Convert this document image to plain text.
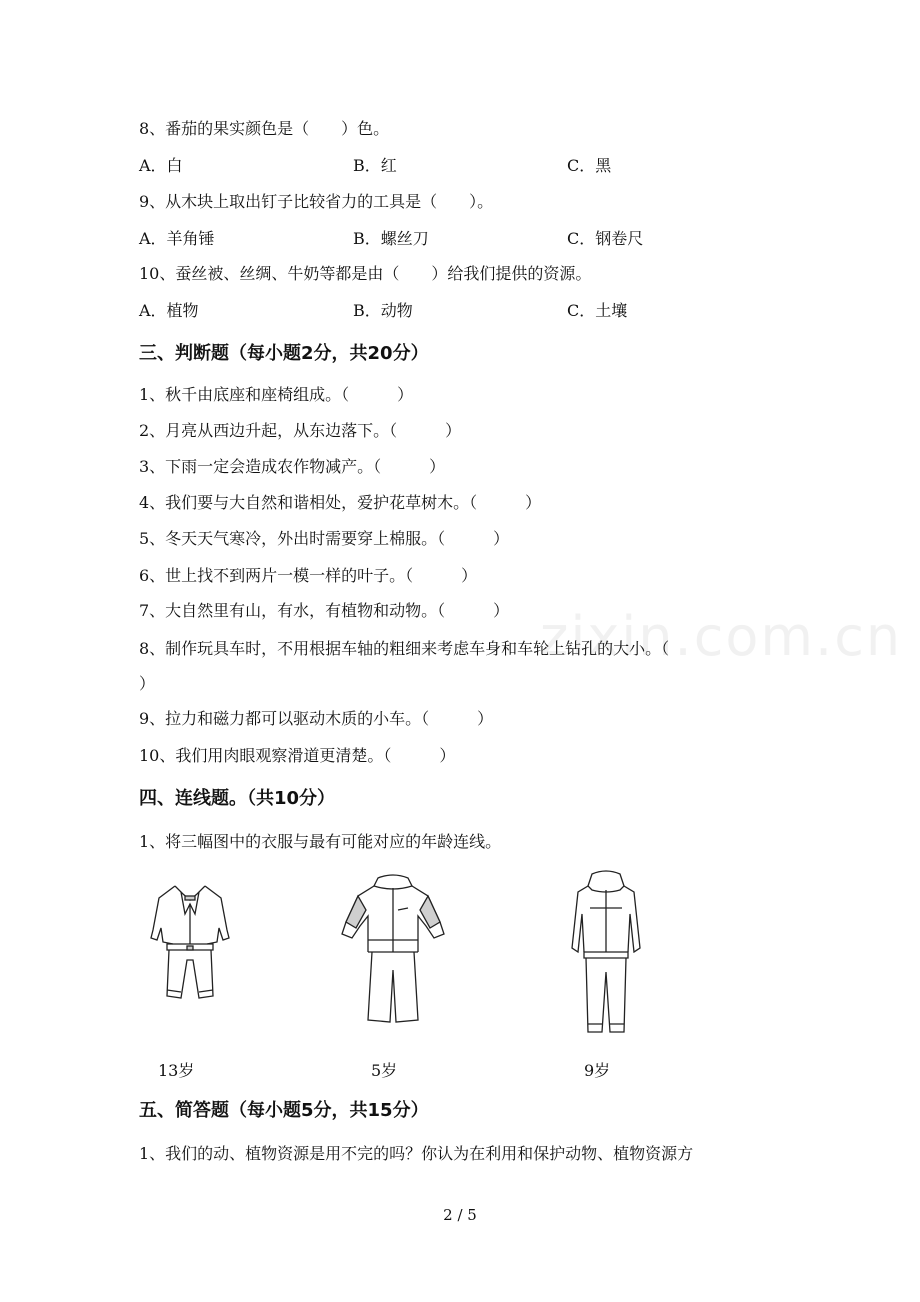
zixin.com.cn
8、番茄的果实颜色是（　　）色。
A．白	B．红	C．黑
9、从木块上取出钉子比较省力的工具是（　　）。
A．羊角锤	B．螺丝刀	C．钢卷尺
10、蚕丝被、丝绸、牛奶等都是由（　　）给我们提供的资源。
A．植物	B．动物	C．土壤
三、判断题（每小题2分，共20分）
1、秋千由底座和座椅组成。（　　　）
2、月亮从西边升起，从东边落下。（　　　）
3、下雨一定会造成农作物减产。（　　　）
4、我们要与大自然和谐相处，爱护花草树木。（　　　）
5、冬天天气寒冷，外出时需要穿上棉服。（　　　）
6、世上找不到两片一模一样的叶子。（　　　）
7、大自然里有山，有水，有植物和动物。（　　　）
8、制作玩具车时，不用根据车轴的粗细来考虑车身和车轮上钻孔的大小。（
）
9、拉力和磁力都可以驱动木质的小车。（　　　）
10、我们用肉眼观察滑道更清楚。（　　　）
四、连线题。（共10分）
1、将三幅图中的衣服与最有可能对应的年龄连线。
13岁	5岁	9岁
五、简答题（每小题5分，共15分）
1、我们的动、植物资源是用不完的吗？你认为在利用和保护动物、植物资源方
2 / 5
